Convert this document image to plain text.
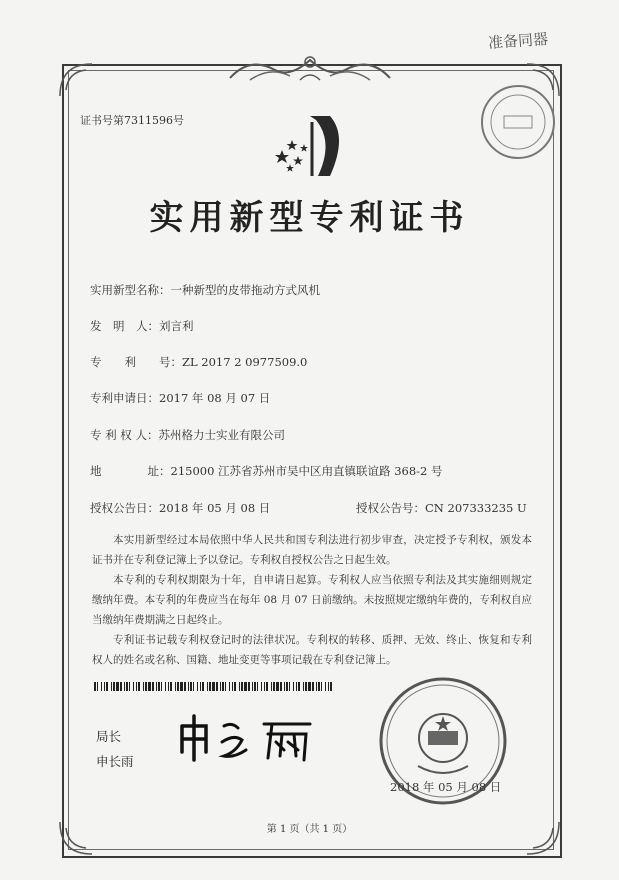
准备同器
证书号第7311596号
实用新型专利证书
实用新型名称：一种新型的皮带拖动方式风机
发　明　人：刘言利
专　　利　　号：ZL 2017 2 0977509.0
专利申请日：2017 年 08 月 07 日
专 利 权 人：苏州格力士实业有限公司
地　　　　址：215000 江苏省苏州市吴中区甪直镇联谊路 368-2 号
授权公告日：2018 年 05 月 08 日	授权公告号：CN 207333235 U

本实用新型经过本局依照中华人民共和国专利法进行初步审查，决定授予专利权，颁发本证书并在专利登记簿上予以登记。专利权自授权公告之日起生效。

本专利的专利权期限为十年，自申请日起算。专利权人应当依照专利法及其实施细则规定缴纳年费。本专利的年费应当在每年 08 月 07 日前缴纳。未按照规定缴纳年费的，专利权自应当缴纳年费期满之日起终止。

专利证书记载专利权登记时的法律状况。专利权的转移、质押、无效、终止、恢复和专利权人的姓名或名称、国籍、地址变更等事项记载在专利登记簿上。

局长
申长雨
2018 年 05 月 08 日
第 1 页（共 1 页）
